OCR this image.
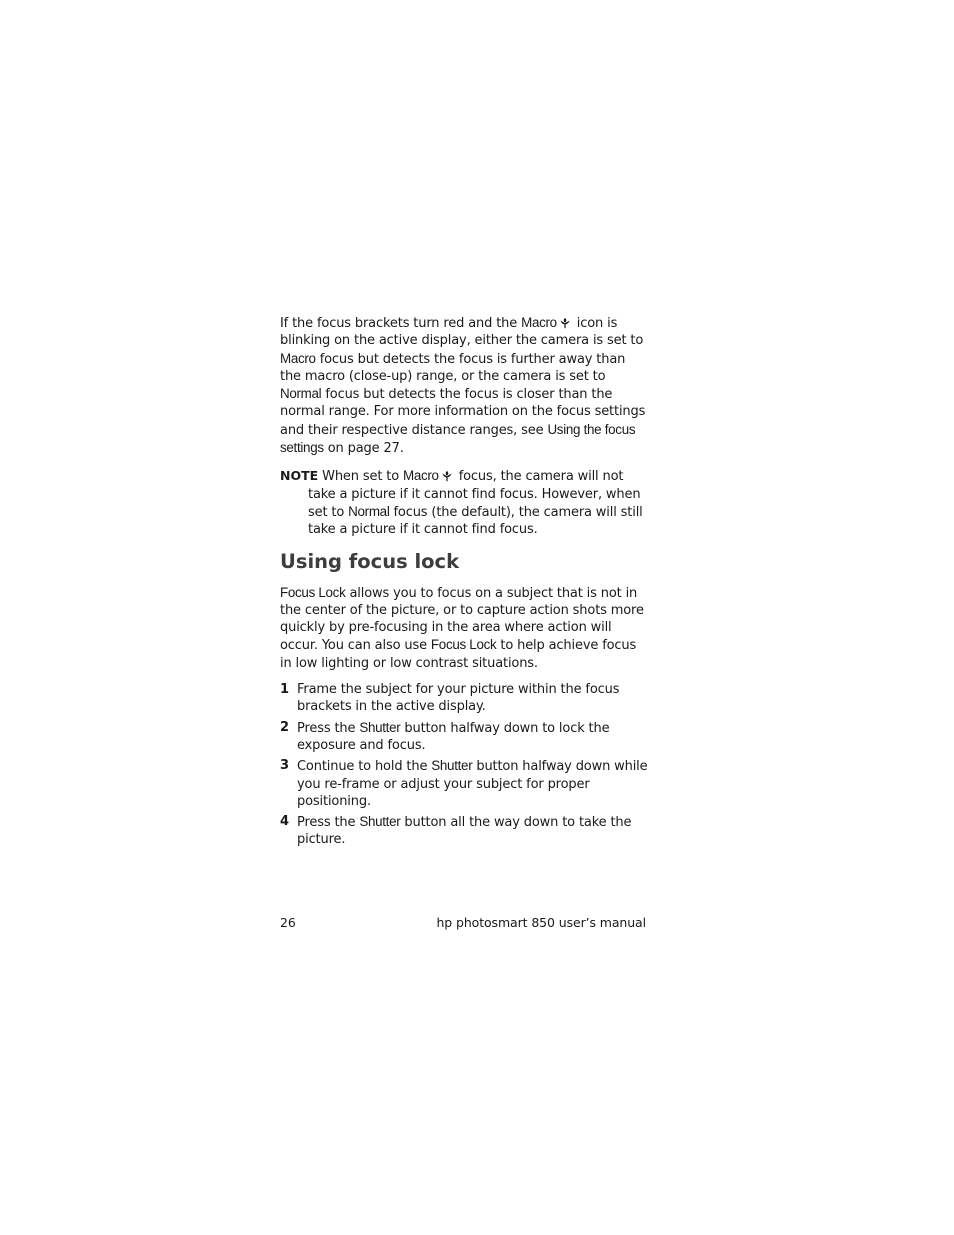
If the focus brackets turn red and the Macro
icon is blinking on the active display, either the camera is set to Macro focus but detects the focus is further away than the macro (close-up) range, or the camera is set to Normal focus but detects the focus is closer than the normal range. For more information on the focus settings and their respective distance ranges, see Using the focus settings on page 27.

NOTE When set to Macro
focus, the camera will not take a picture if it cannot find focus. However, when set to Normal focus (the default), the camera will still take a picture if it cannot find focus.

Using focus lock

Focus Lock allows you to focus on a subject that is not in the center of the picture, or to capture action shots more quickly by pre-focusing in the area where action will occur. You can also use Focus Lock to help achieve focus in low lighting or low contrast situations.

1 Frame the subject for your picture within the focus brackets in the active display.
2 Press the Shutter button halfway down to lock the exposure and focus.
3 Continue to hold the Shutter button halfway down while you re-frame or adjust your subject for proper positioning.
4 Press the Shutter button all the way down to take the picture.
26	hp photosmart 850 user’s manual
